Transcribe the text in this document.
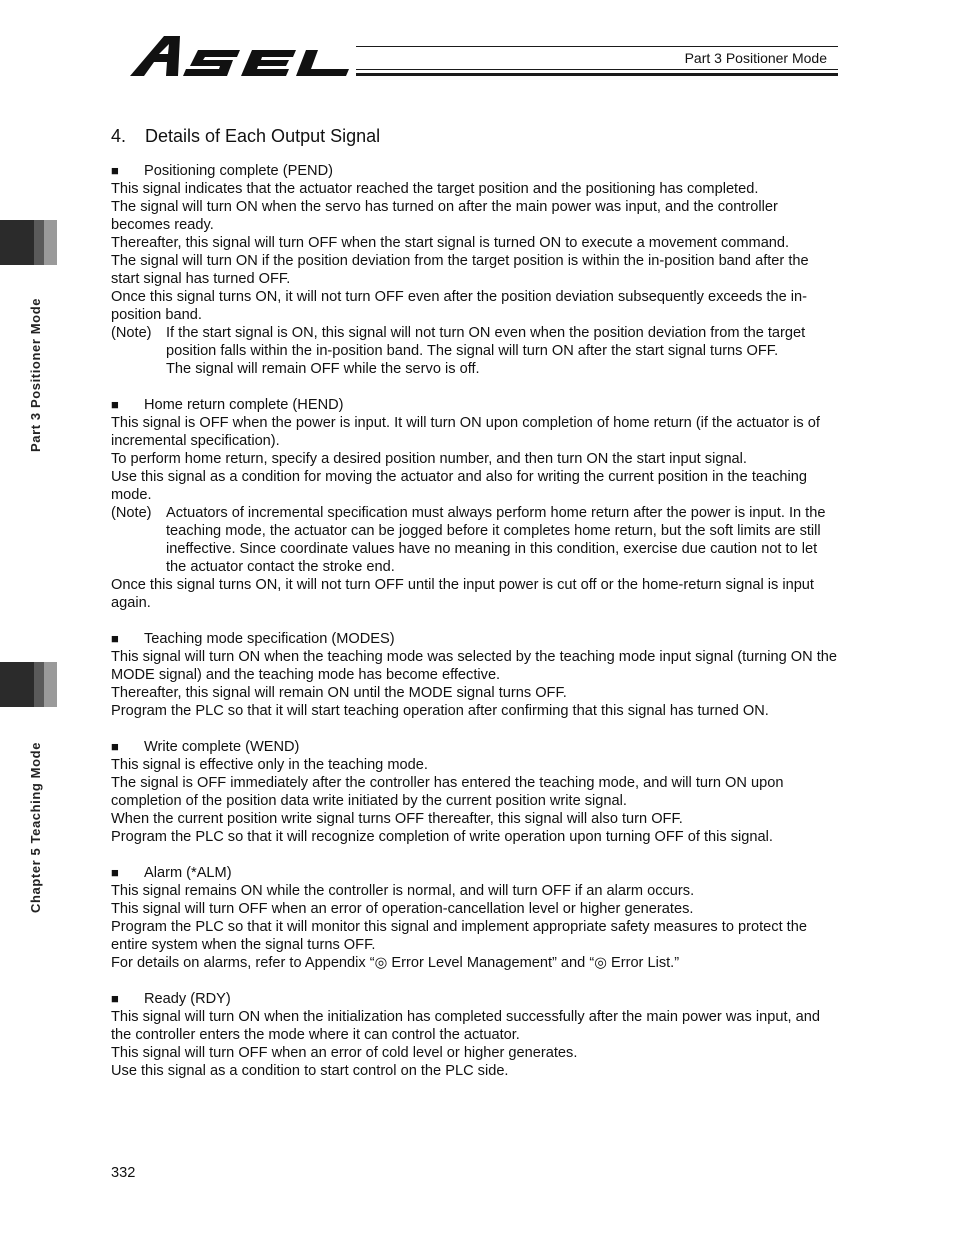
Part 3 Positioner Mode
Part 3 Positioner Mode
Chapter 5 Teaching Mode
4. Details of Each Output Signal
■	Positioning complete (PEND)

This signal indicates that the actuator reached the target position and the positioning has completed.

The signal will turn ON when the servo has turned on after the main power was input, and the controller becomes ready.

Thereafter, this signal will turn OFF when the start signal is turned ON to execute a movement command.

The signal will turn ON if the position deviation from the target position is within the in-position band after the start signal has turned OFF.

Once this signal turns ON, it will not turn OFF even after the position deviation subsequently exceeds the in-position band.

(Note) If the start signal is ON, this signal will not turn ON even when the position deviation from the target position falls within the in-position band. The signal will turn ON after the start signal turns OFF.

The signal will remain OFF while the servo is off.

■	Home return complete (HEND)

This signal is OFF when the power is input. It will turn ON upon completion of home return (if the actuator is of incremental specification).

To perform home return, specify a desired position number, and then turn ON the start input signal.

Use this signal as a condition for moving the actuator and also for writing the current position in the teaching mode.

(Note) Actuators of incremental specification must always perform home return after the power is input. In the teaching mode, the actuator can be jogged before it completes home return, but the soft limits are still ineffective. Since coordinate values have no meaning in this condition, exercise due caution not to let the actuator contact the stroke end.

Once this signal turns ON, it will not turn OFF until the input power is cut off or the home-return signal is input again.

■	Teaching mode specification (MODES)

This signal will turn ON when the teaching mode was selected by the teaching mode input signal (turning ON the MODE signal) and the teaching mode has become effective.

Thereafter, this signal will remain ON until the MODE signal turns OFF.

Program the PLC so that it will start teaching operation after confirming that this signal has turned ON.

■	Write complete (WEND)

This signal is effective only in the teaching mode.

The signal is OFF immediately after the controller has entered the teaching mode, and will turn ON upon completion of the position data write initiated by the current position write signal.

When the current position write signal turns OFF thereafter, this signal will also turn OFF.

Program the PLC so that it will recognize completion of write operation upon turning OFF of this signal.

■	Alarm (*ALM)

This signal remains ON while the controller is normal, and will turn OFF if an alarm occurs.

This signal will turn OFF when an error of operation-cancellation level or higher generates.

Program the PLC so that it will monitor this signal and implement appropriate safety measures to protect the entire system when the signal turns OFF.

For details on alarms, refer to Appendix “◎ Error Level Management” and “◎ Error List.”

■	Ready (RDY)

This signal will turn ON when the initialization has completed successfully after the main power was input, and the controller enters the mode where it can control the actuator.

This signal will turn OFF when an error of cold level or higher generates.

Use this signal as a condition to start control on the PLC side.

332
